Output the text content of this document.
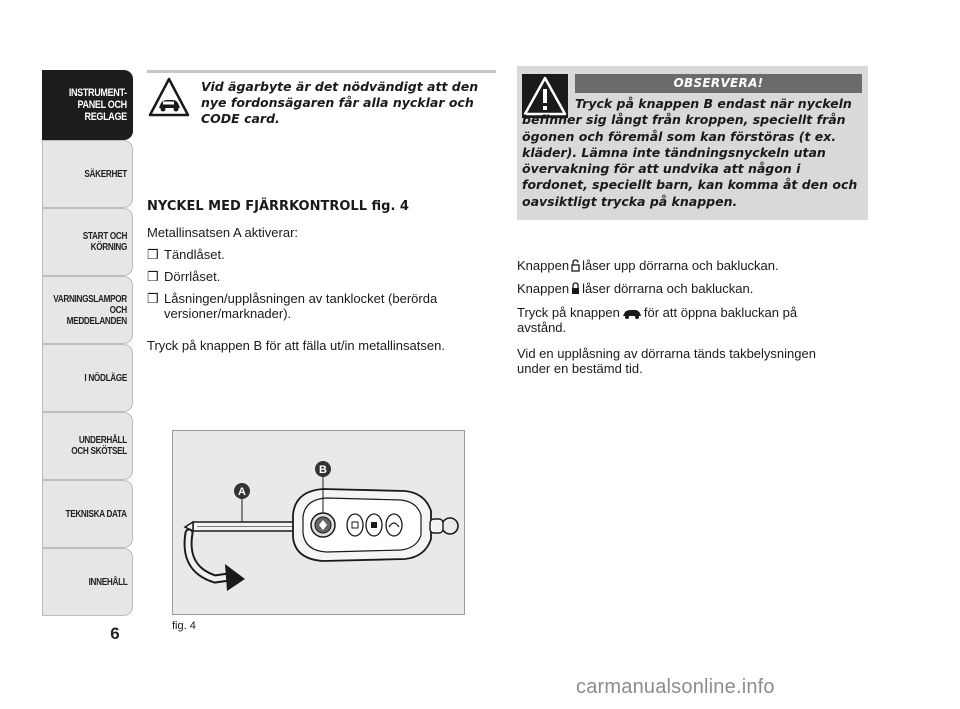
INSTRUMENT-
PANEL OCH
REGLAGE
SÄKERHET
START OCH
KÖRNING
VARNINGSLAMPOR
OCH
MEDDELANDEN
I NÖDLÄGE
UNDERHÅLL
OCH SKÖTSEL
TEKNISKA DATA
INNEHÅLL
6
Vid ägarbyte är det nödvändigt att den nye fordonsägaren får alla nycklar och CODE card.
NYCKEL MED FJÄRRKONTROLL fig. 4
Metallinsatsen A aktiverar:
❒ Tändlåset.
❒ Dörrlåset.
❒ Låsningen/upplåsningen av tanklocket (berörda versioner/marknader).
Tryck på knappen B för att fälla ut/in metallinsatsen.
A
B
fig. 4
OBSERVERA!
Tryck på knappen B endast när nyckeln befinner sig långt från kroppen, speciellt från ögonen och föremål som kan förstöras (t ex. kläder). Lämna inte tändningsnyckeln utan övervakning för att undvika att någon i fordonet, speciellt barn, kan komma åt den och oavsiktligt trycka på knappen.
Knappen låser upp dörrarna och bakluckan.
Knappen låser dörrarna och bakluckan.
Tryck på knappen för att öppna bakluckan på avstånd.
Vid en upplåsning av dörrarna tänds takbelysningen under en bestämd tid.
carmanualsonline.info
